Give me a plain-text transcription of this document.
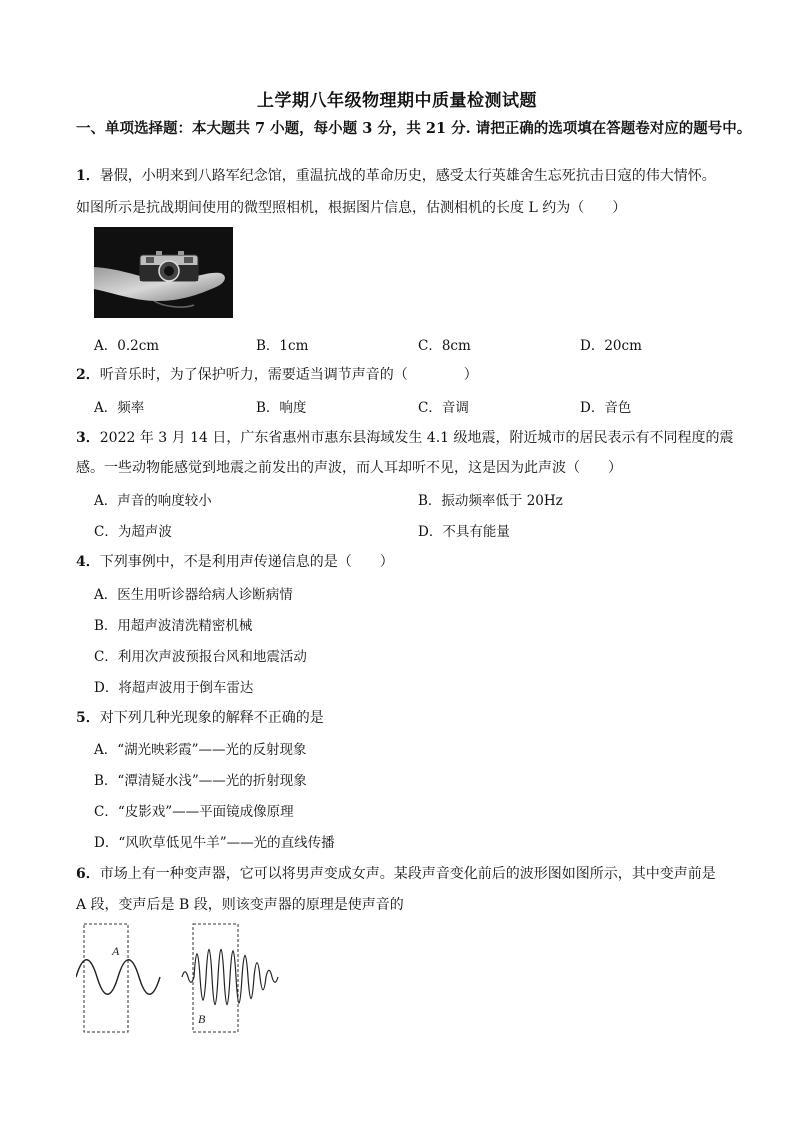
上学期八年级物理期中质量检测试题
一、单项选择题：本大题共 7 小题，每小题 3 分，共 21 分. 请把正确的选项填在答题卷对应的题号中。
1．暑假，小明来到八路军纪念馆，重温抗战的革命历史，感受太行英雄舍生忘死抗击日寇的伟大情怀。
如图所示是抗战期间使用的微型照相机，根据图片信息，估测相机的长度 L 约为（　　）
A．0.2cm	B．1cm	C．8cm	D．20cm
2．听音乐时，为了保护听力，需要适当调节声音的（　　　　）
A．频率	B．响度	C．音调	D．音色
3．2022 年 3 月 14 日，广东省惠州市惠东县海域发生 4.1 级地震，附近城市的居民表示有不同程度的震
感。一些动物能感觉到地震之前发出的声波，而人耳却听不见，这是因为此声波（　　）
A．声音的响度较小	B．振动频率低于 20Hz
C．为超声波	D．不具有能量
4．下列事例中，不是利用声传递信息的是（　　）
A．医生用听诊器给病人诊断病情
B．用超声波清洗精密机械
C．利用次声波预报台风和地震活动
D．将超声波用于倒车雷达
5．对下列几种光现象的解释不正确的是
A．“湖光映彩霞”——光的反射现象
B．“潭清疑水浅”——光的折射现象
C．“皮影戏”——平面镜成像原理
D．“风吹草低见牛羊”——光的直线传播
6．市场上有一种变声器，它可以将男声变成女声。某段声音变化前后的波形图如图所示，其中变声前是
A 段，变声后是 B 段，则该变声器的原理是使声音的
A
B
